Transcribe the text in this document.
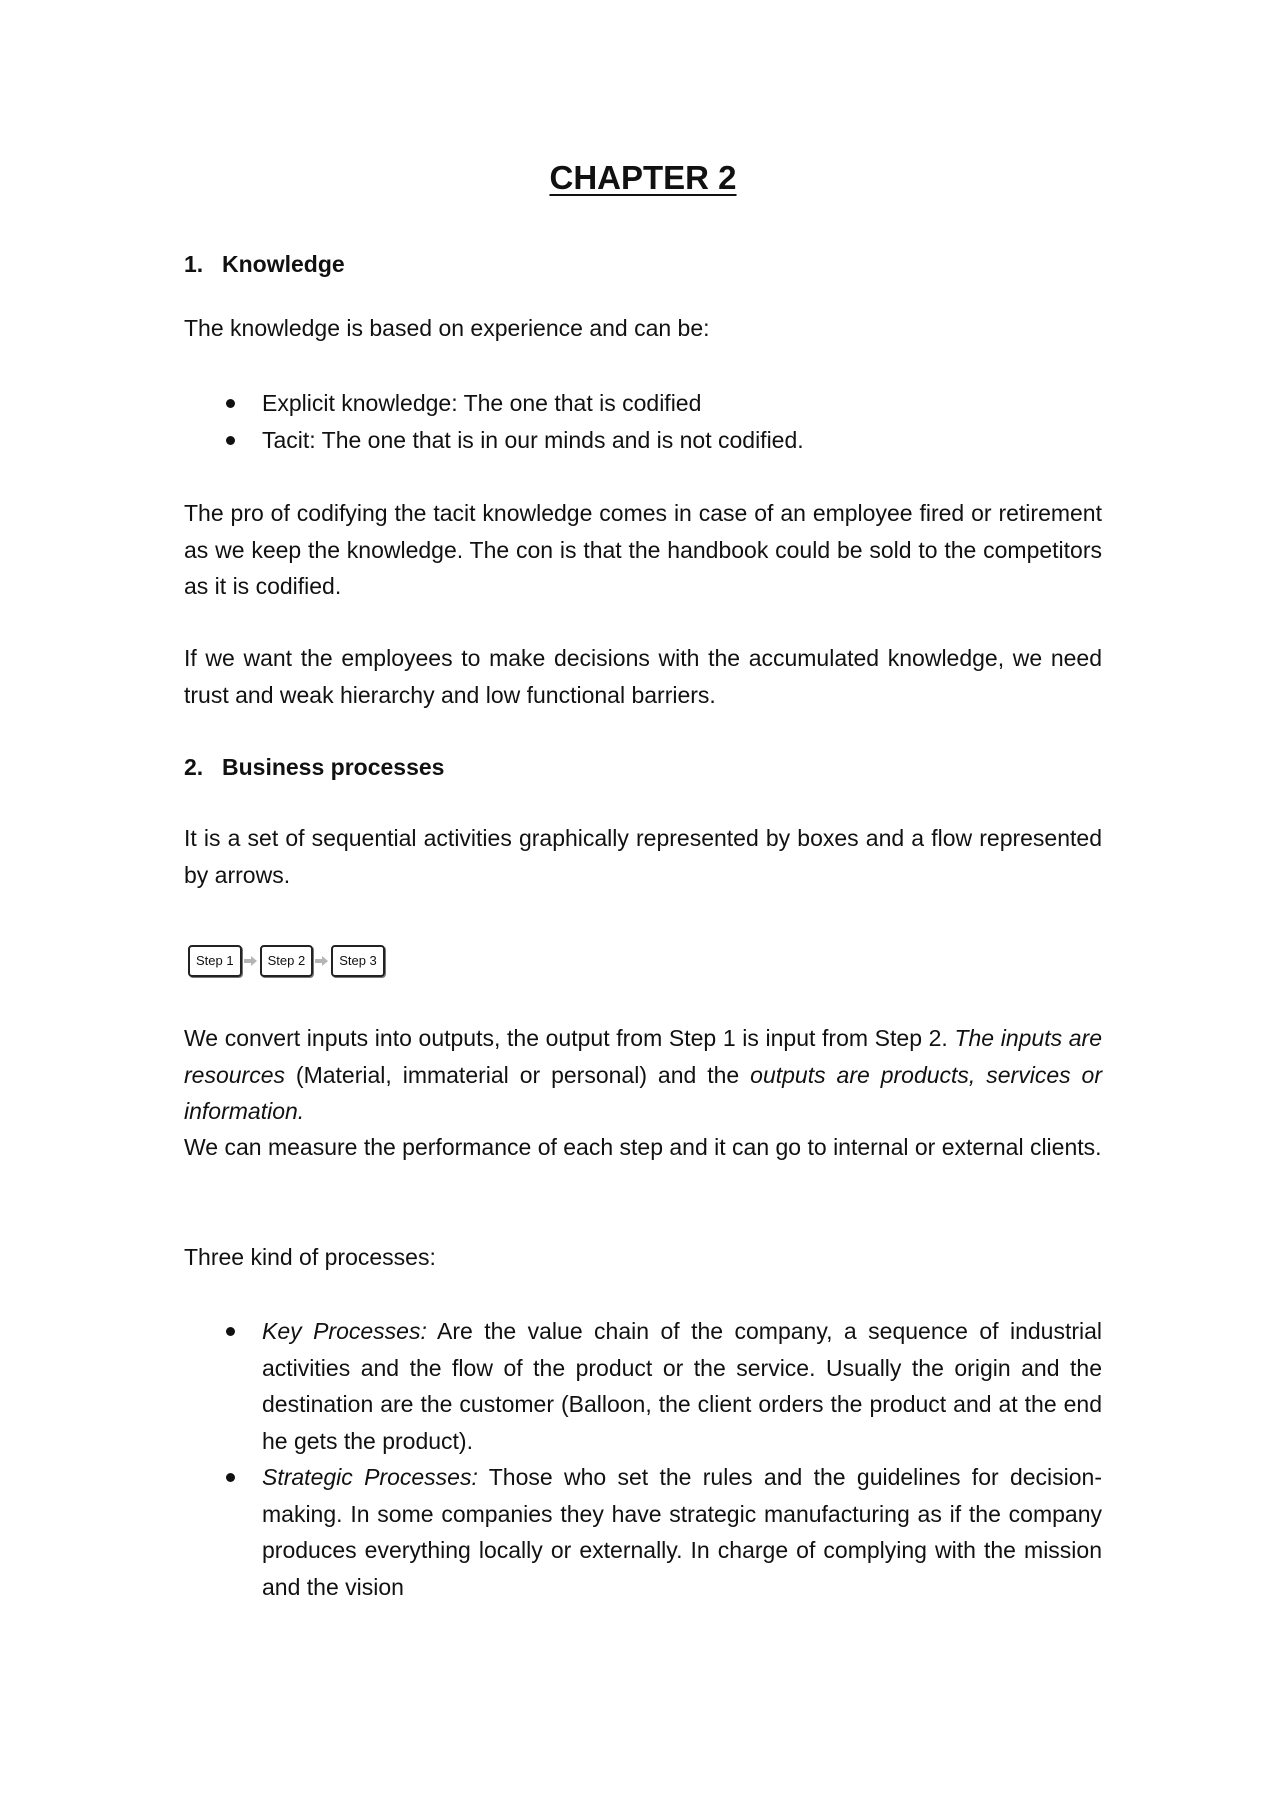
CHAPTER 2
1. Knowledge

The knowledge is based on experience and can be:

Explicit knowledge: The one that is codified
Tacit: The one that is in our minds and is not codified.

The pro of codifying the tacit knowledge comes in case of an employee fired or retirement as we keep the knowledge. The con is that the handbook could be sold to the competitors as it is codified.

If we want the employees to make decisions with the accumulated knowledge, we need trust and weak hierarchy and low functional barriers.

2. Business processes

It is a set of sequential activities graphically represented by boxes and a flow represented by arrows.

Step 1	Step 2	Step 3

We convert inputs into outputs, the output from Step 1 is input from Step 2. The inputs are resources (Material, immaterial or personal) and the outputs are products, services or information.

We can measure the performance of each step and it can go to internal or external clients.

Three kind of processes:

Key Processes: Are the value chain of the company, a sequence of industrial activities and the flow of the product or the service. Usually the origin and the destination are the customer (Balloon, the client orders the product and at the end he gets the product).
Strategic Processes: Those who set the rules and the guidelines for decision-making. In some companies they have strategic manufacturing as if the company produces everything locally or externally. In charge of complying with the mission and the vision
